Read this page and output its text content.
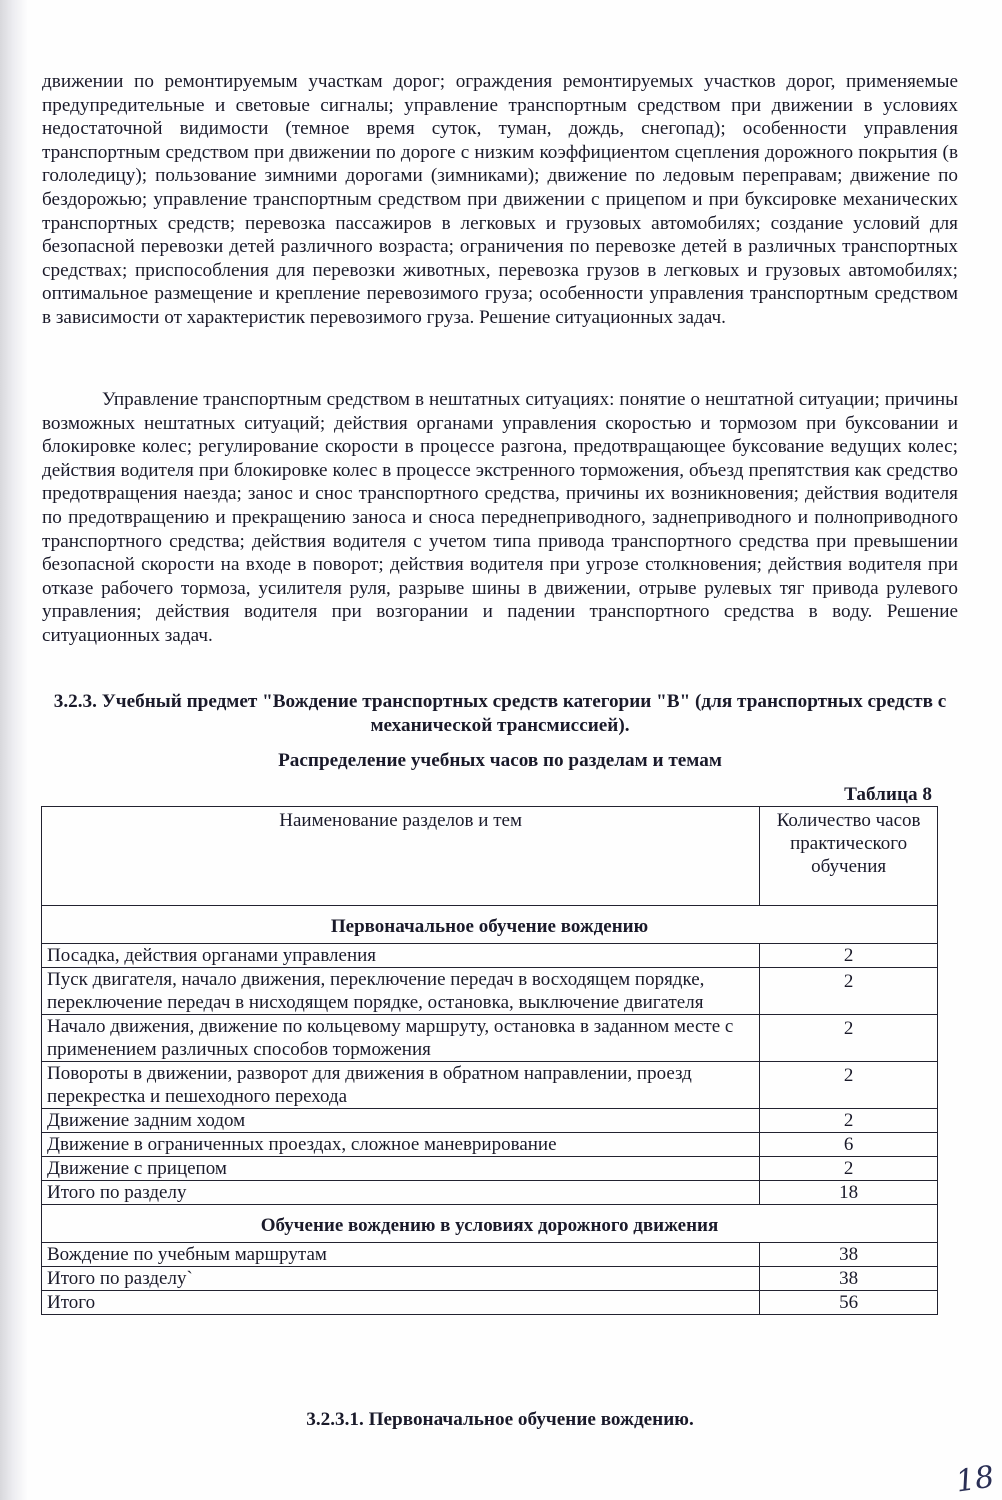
движении по ремонтируемым участкам дорог; ограждения ремонтируемых участков дорог, применяемые предупредительные и световые сигналы; управление транспортным средством при движении в условиях недостаточной видимости (темное время суток, туман, дождь, снегопад); особенности управления транспортным средством при движении по дороге с низким коэффициентом сцепления дорожного покрытия (в гололедицу); пользование зимними дорогами (зимниками); движение по ледовым переправам; движение по бездорожью; управление транспортным средством при движении с прицепом и при буксировке механических транспортных средств; перевозка пассажиров в легковых и грузовых автомобилях; создание условий для безопасной перевозки детей различного возраста; ограничения по перевозке детей в различных транспортных средствах; приспособления для перевозки животных, перевозка грузов в легковых и грузовых автомобилях; оптимальное размещение и крепление перевозимого груза; особенности управления транспортным средством в зависимости от характеристик перевозимого груза. Решение ситуационных задач.

Управление транспортным средством в нештатных ситуациях: понятие о нештатной ситуации; причины возможных нештатных ситуаций; действия органами управления скоростью и тормозом при буксовании и блокировке колес; регулирование скорости в процессе разгона, предотвращающее буксование ведущих колес; действия водителя при блокировке колес в процессе экстренного торможения, объезд препятствия как средство предотвращения наезда; занос и снос транспортного средства, причины их возникновения; действия водителя по предотвращению и прекращению заноса и сноса переднеприводного, заднеприводного и полноприводного транспортного средства; действия водителя с учетом типа привода транспортного средства при превышении безопасной скорости на входе в поворот; действия водителя при угрозе столкновения; действия водителя при отказе рабочего тормоза, усилителя руля, разрыве шины в движении, отрыве рулевых тяг привода рулевого управления; действия водителя при возгорании и падении транспортного средства в воду. Решение ситуационных задач.

3.2.3. Учебный предмет "Вождение транспортных средств категории "В" (для транспортных средств с механической трансмиссией).
Распределение учебных часов по разделам и темам
Таблица 8
Наименование разделов и тем	Количество часов практического обучения
Первоначальное обучение вождению	
Посадка, действия органами управления	2
Пуск двигателя, начало движения, переключение передач в восходящем порядке, переключение передач в нисходящем порядке, остановка, выключение двигателя	2
Начало движения, движение по кольцевому маршруту, остановка в заданном месте с применением различных способов торможения	2
Повороты в движении, разворот для движения в обратном направлении, проезд перекрестка и пешеходного перехода	2
Движение задним ходом	2
Движение в ограниченных проездах, сложное маневрирование	6
Движение с прицепом	2
Итого по разделу	18
Обучение вождению в условиях дорожного движения	
Вождение по учебным маршрутам	38
Итого по разделу`	38
Итого	56
3.2.3.1. Первоначальное обучение вождению.
18
